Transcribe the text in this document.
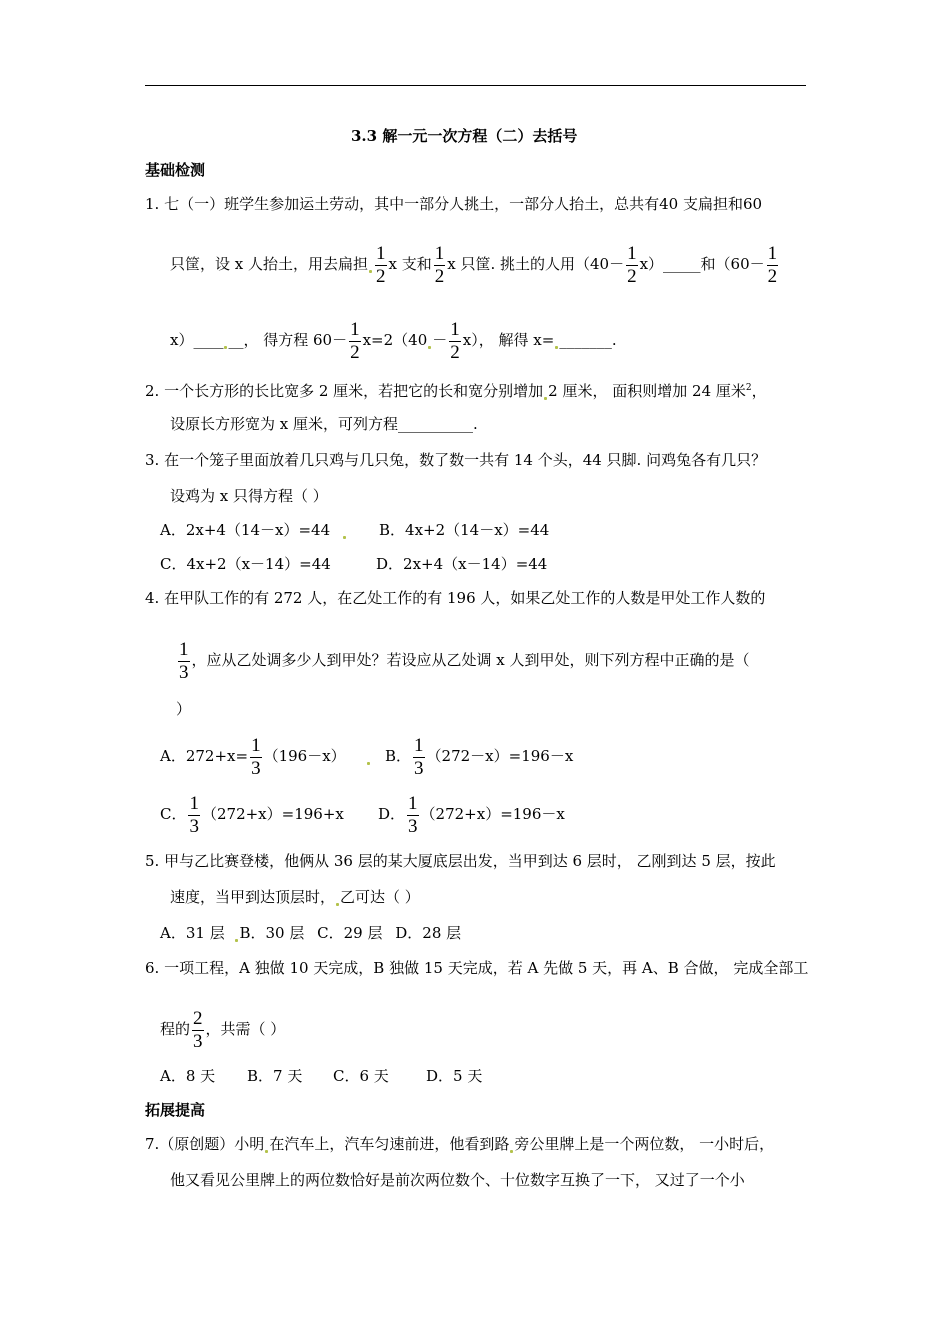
3.3 解一元一次方程（二）去括号
基础检测
1. 七（一）班学生参加运土劳动，其中一部分人挑土，一部分人抬土，总共有40 支扁担和60
只筐，设 x 人抬土，用去扁担 $\frac{1}{2}$ x 支和 $\frac{1}{2}$ x 只筐. 挑土的人用（$40- \frac{1}{2}$ x）_____和（$60- \frac{1}{2}$
x）____ __， 得方程 $60- \frac{1}{2} x=2(40 - \frac{1}{2} x)$， 解得 x= _______.
2. 一个长方形的长比宽多 2 厘米，若把它的长和宽分别增加 2 厘米， 面积则增加 24 厘米$^2$，
设原长方形宽为 x 厘米，可列方程__________.
3. 在一个笼子里面放着几只鸡与几只兔，数了数一共有 14 个头，44 只脚. 问鸡兔各有几只？
设鸡为 x 只得方程（ ）
A．2x+4（14－x）=44	B．4x+2（14－x）=44
C．4x+2（x－14）=44	D．2x+4（x－14）=44
4. 在甲队工作的有 272 人，在乙处工作的有 196 人，如果乙处工作的人数是甲处工作人数的
$\frac{1}{3}$ ，应从乙处调多少人到甲处？若设应从乙处调 x 人到甲处，则下列方程中正确的是（
）
A．$272+x= \frac{1}{3} (196-x)$	B． $\frac{1}{3} (272-x)=196-x$
C． $\frac{1}{3} (272+x)=196+x$ D． $\frac{1}{3} (272+x)=196-x$
5. 甲与乙比赛登楼，他俩从 36 层的某大厦底层出发，当甲到达 6 层时， 乙刚到达 5 层，按此
速度，当甲到达顶层时， 乙可达（ ）
A．31 层 B．30 层 C．29 层 D．28 层
6. 一项工程，A 独做 10 天完成，B 独做 15 天完成，若 A 先做 5 天，再 A、B 合做， 完成全部工
程的 $\frac{2}{3}$ ，共需（ ）
A．8 天 B．7 天 C．6 天 D．5 天
拓展提高
7.（原创题）小明 在汽车上，汽车匀速前进，他看到路 旁公里牌上是一个两位数， 一小时后，
他又看见公里牌上的两位数恰好是前次两位数个、十位数字互换了一下， 又过了一个小
